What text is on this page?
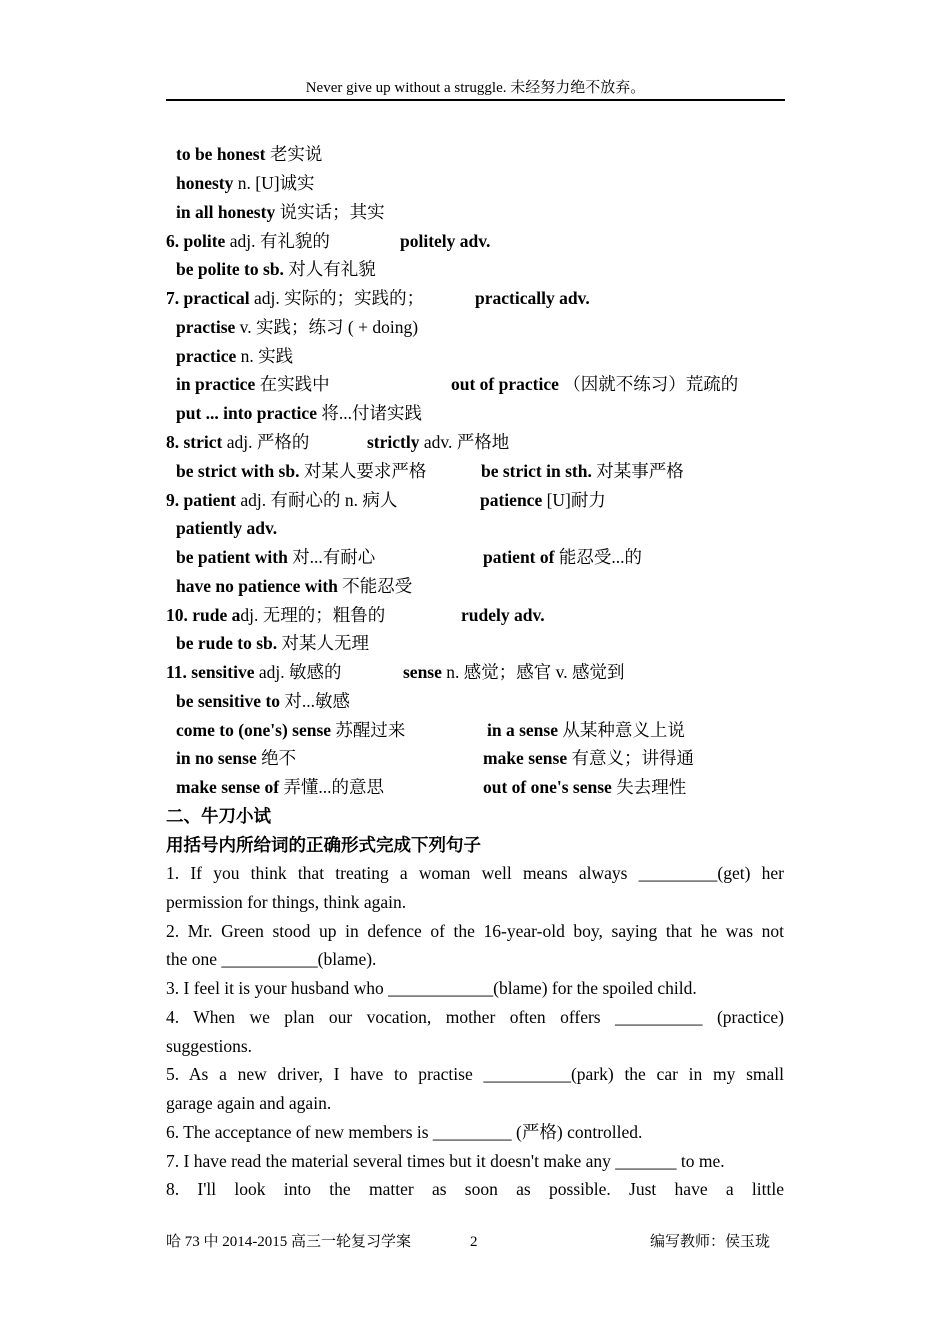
Never give up without a struggle. 未经努力绝不放弃。
to be honest 老实说
honesty n. [U]诚实
in all honesty 说实话；其实
6. polite adj. 有礼貌的	politely adv.
be polite to sb. 对人有礼貌
7. practical adj. 实际的；实践的；	practically adv.
practise v. 实践；练习 ( + doing)
practice n. 实践
in practice 在实践中	out of practice （因就不练习）荒疏的
put ... into practice 将...付诸实践
8. strict adj. 严格的	strictly adv. 严格地
be strict with sb. 对某人要求严格	be strict in sth. 对某事严格
9. patient adj. 有耐心的 n. 病人	patience [U]耐力
patiently adv.
be patient with 对...有耐心	patient of 能忍受...的
have no patience with 不能忍受
10. rude adj. 无理的；粗鲁的	rudely adv.
be rude to sb. 对某人无理
11. sensitive adj. 敏感的	sense n. 感觉；感官 v. 感觉到
be sensitive to 对...敏感
come to (one's) sense 苏醒过来	in a sense 从某种意义上说
in no sense 绝不	make sense 有意义；讲得通
make sense of 弄懂...的意思	out of one's sense 失去理性
二、牛刀小试
用括号内所给词的正确形式完成下列句子
1. If you think that treating a woman well means always _________(get) her
permission for things, think again.
2. Mr. Green stood up in defence of the 16-year-old boy, saying that he was not
the one ___________(blame).
3. I feel it is your husband who ____________(blame) for the spoiled child.
4. When we plan our vocation, mother often offers __________ (practice)
suggestions.
5. As a new driver, I have to practise __________(park) the car in my small
garage again and again.
6. The acceptance of new members is _________ (严格) controlled.
7. I have read the material several times but it doesn't make any _______ to me.
8. I'll look into the matter as soon as possible. Just have a little
哈 73 中 2014-2015 高三一轮复习学案	2	编写教师：侯玉珑
